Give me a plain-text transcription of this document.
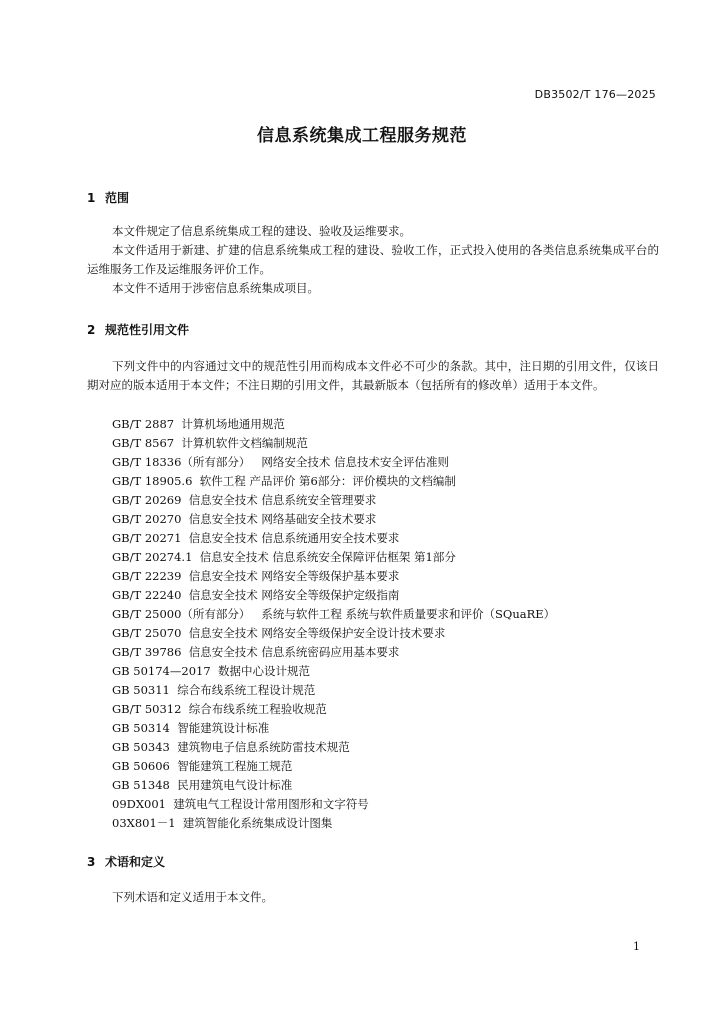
DB3502/T 176—2025
信息系统集成工程服务规范
1 范围
本文件规定了信息系统集成工程的建设、验收及运维要求。
本文件适用于新建、扩建的信息系统集成工程的建设、验收工作，正式投入使用的各类信息系统集成平台的运维服务工作及运维服务评价工作。
本文件不适用于涉密信息系统集成项目。
2 规范性引用文件
下列文件中的内容通过文中的规范性引用而构成本文件必不可少的条款。其中，注日期的引用文件，仅该日期对应的版本适用于本文件；不注日期的引用文件，其最新版本（包括所有的修改单）适用于本文件。
GB/T 2887 计算机场地通用规范
GB/T 8567 计算机软件文档编制规范
GB/T 18336（所有部分）   网络安全技术 信息技术安全评估准则
GB/T 18905.6 软件工程 产品评价 第6部分：评价模块的文档编制
GB/T 20269 信息安全技术 信息系统安全管理要求
GB/T 20270 信息安全技术 网络基础安全技术要求
GB/T 20271 信息安全技术 信息系统通用安全技术要求
GB/T 20274.1 信息安全技术 信息系统安全保障评估框架 第1部分
GB/T 22239 信息安全技术 网络安全等级保护基本要求
GB/T 22240 信息安全技术 网络安全等级保护定级指南
GB/T 25000（所有部分）   系统与软件工程 系统与软件质量要求和评价（SQuaRE）
GB/T 25070 信息安全技术 网络安全等级保护安全设计技术要求
GB/T 39786 信息安全技术 信息系统密码应用基本要求
GB 50174—2017 数据中心设计规范
GB 50311 综合布线系统工程设计规范
GB/T 50312 综合布线系统工程验收规范
GB 50314 智能建筑设计标准
GB 50343 建筑物电子信息系统防雷技术规范
GB 50606 智能建筑工程施工规范
GB 51348 民用建筑电气设计标准
09DX001 建筑电气工程设计常用图形和文字符号
03X801－1 建筑智能化系统集成设计图集
3 术语和定义
下列术语和定义适用于本文件。
1
